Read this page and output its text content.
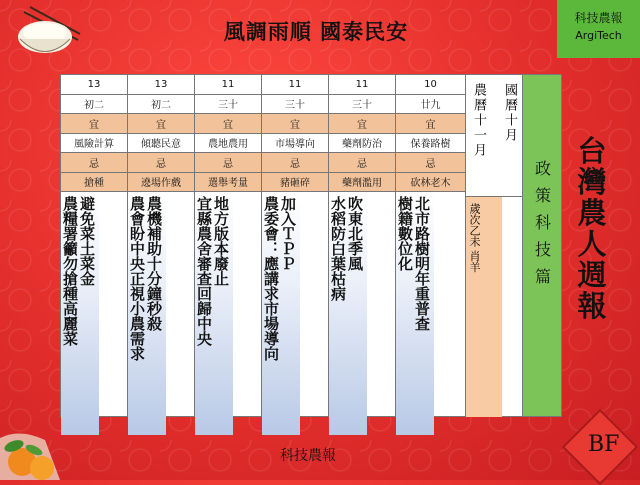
風調雨順 國泰民安
科技農報
ArgiTech
台灣農人週報
13
初二
宜
風險計算
忌
搶種
避免菜土菜金
農糧署籲勿搶種高麗菜
13
初二
宜
傾聽民意
忌
遶場作戲
農機補助十分鐘秒殺
農會盼中央正視小農需求
11
三十
宜
農地農用
忌
選舉考量
地方版本廢止
宜縣農舍審查回歸中央
11
三十
宜
市場導向
忌
豬砸碎
加入ＴＰＰ
農委會：應講求市場導向
11
三十
宜
藥劑防治
忌
藥劑濫用
吹東北季風
水稻防白葉枯病
10
廿九
宜
保養路樹
忌
砍林老木
北市路樹明年重普查
樹籍數位化
國曆十月
農曆十一月
歲次乙未 肖羊	政策科技篇
科技農報	BF
